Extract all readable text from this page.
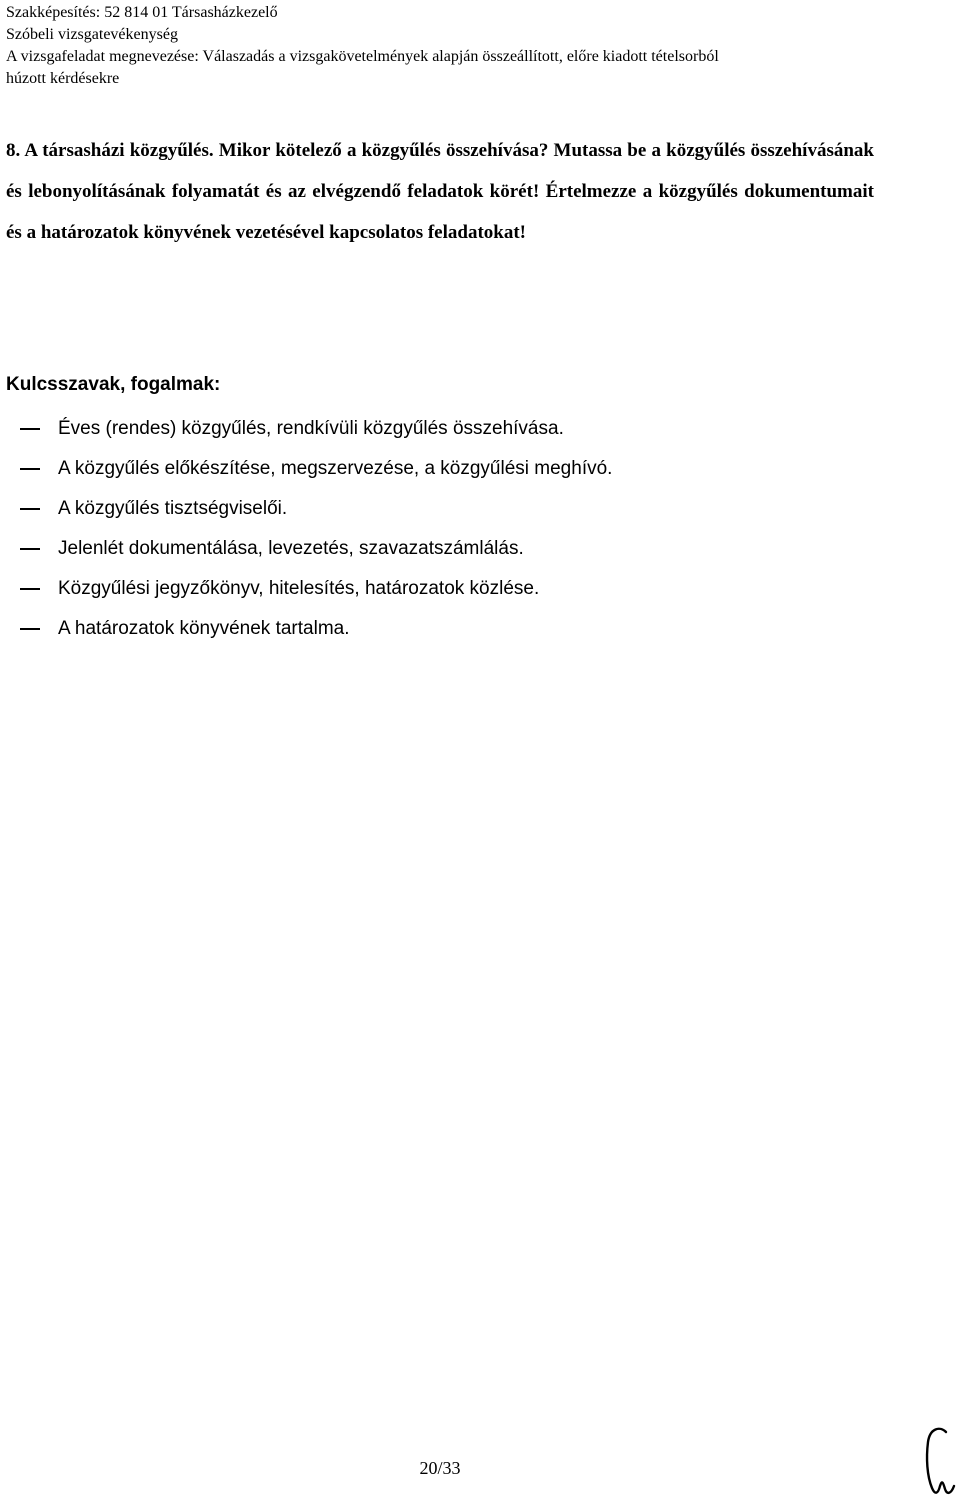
Szakképesítés: 52 814 01 Társasházkezelő
Szóbeli vizsgatevékenység
A vizsgafeladat megnevezése: Válaszadás a vizsgakövetelmények alapján összeállított, előre kiadott tételsorból
húzott kérdésekre
8. A társasházi közgyűlés. Mikor kötelező a közgyűlés összehívása? Mutassa be a közgyűlés összehívásának és lebonyolításának folyamatát és az elvégzendő feladatok körét! Értelmezze a közgyűlés dokumentumait és a határozatok könyvének vezetésével kapcsolatos feladatokat!
Kulcsszavak, fogalmak:
Éves (rendes) közgyűlés, rendkívüli közgyűlés összehívása.
A közgyűlés előkészítése, megszervezése, a közgyűlési meghívó.
A közgyűlés tisztségviselői.
Jelenlét dokumentálása, levezetés, szavazatszámlálás.
Közgyűlési jegyzőkönyv, hitelesítés, határozatok közlése.
A határozatok könyvének tartalma.
20/33
